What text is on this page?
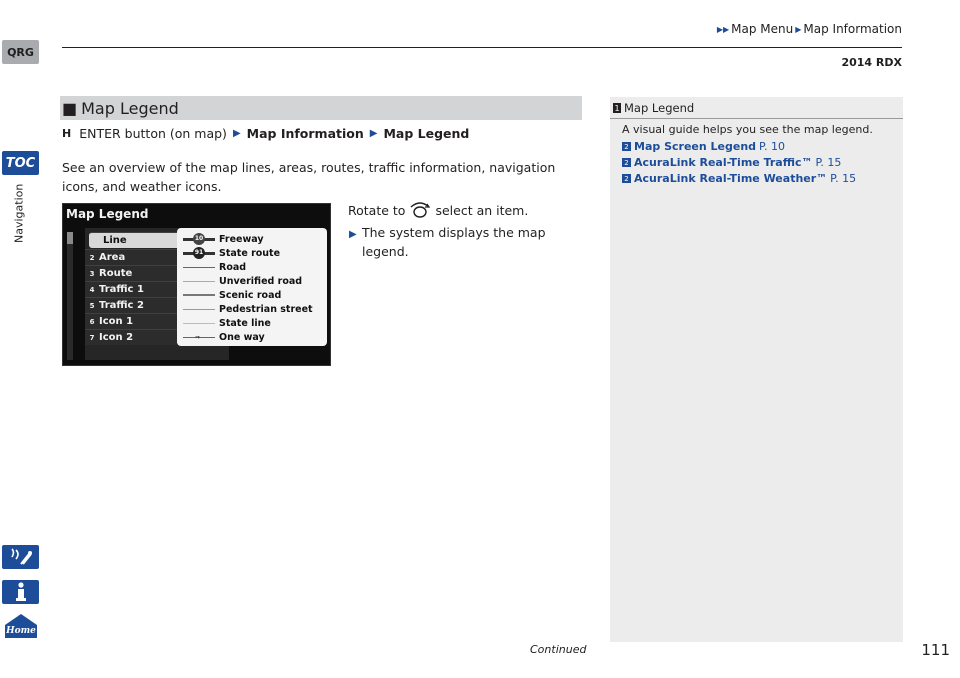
QRG
TOC
Navigation
Home
▶▶ Map Menu ▶ Map Information
2014 RDX
■ Map Legend
H ENTER button (on map) ▶ Map Information ▶ Map Legend
See an overview of the map lines, areas, routes, traffic information, navigation icons, and weather icons.
Map Legend
Line
2 Area
3 Route
4 Traffic 1
5 Traffic 2
6 Icon 1
7 Icon 2
10 Freeway
91 State route
Road
Unverified road
Scenic road
Pedestrian street
State line
⇒ One way
Rotate to select an item.
▶ The system displays the map legend.
1 Map Legend
A visual guide helps you see the map legend.
2 Map Screen Legend P. 10
2 AcuraLink Real-Time Traffic™ P. 15
2 AcuraLink Real-Time Weather™ P. 15
Continued	111
